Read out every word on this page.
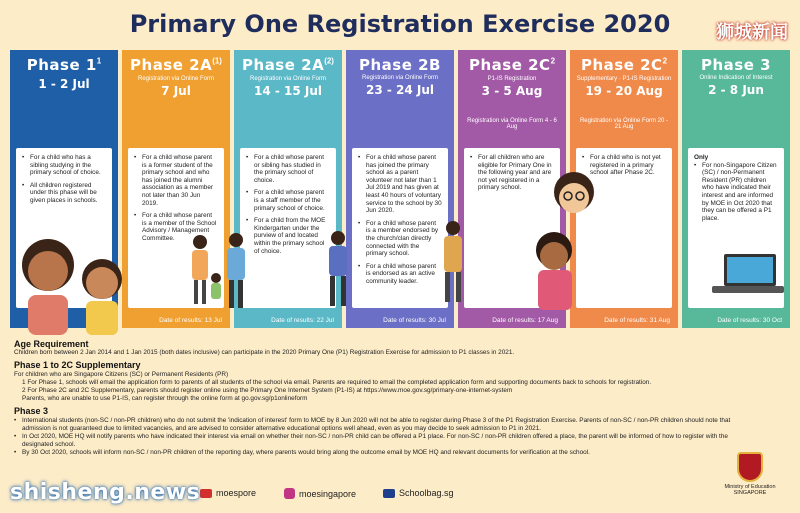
Primary One Registration Exercise 2020	狮城新闻
Phase $1^1$
1 - 2 Jul
• For a child who has a sibling studying in the primary school of choice.
• All children registered under this phase will be given places in schools.
Phase $2A^{(1)}$
Registration via Online Form
7 Jul
• For a child whose parent is a former student of the primary school and who has joined the alumni association as a member not later than 30 Jun 2019.
• For a child whose parent is a member of the School Advisory / Management Committee.
Date of results: 13 Jul
Phase $2A^{(2)}$
Registration via Online Form
14 - 15 Jul
• For a child whose parent or sibling has studied in the primary school of choice.
• For a child whose parent is a staff member of the primary school of choice.
• For a child from the MOE Kindergarten under the purview of and located within the primary school of choice.
Date of results: 22 Jul
Phase 2B
Registration via Online Form
23 - 24 Jul
• For a child whose parent has joined the primary school as a parent volunteer not later than 1 Jul 2019 and has given at least 40 hours of voluntary service to the school by 30 Jun 2020.
• For a child whose parent is a member endorsed by the church/clan directly connected with the primary school.
• For a child whose parent is endorsed as an active community leader.
Date of results: 30 Jul
Phase $2C^2$
P1-IS Registration
3 - 5 Aug
Registration via Online Form 4 - 6 Aug
• For all children who are eligible for Primary One in the following year and are not yet registered in a primary school.
Date of results: 17 Aug
Phase $2C^2$
Supplementary · P1-IS Registration
19 - 20 Aug
Registration via Online Form 20 - 21 Aug
• For a child who is not yet registered in a primary school after Phase 2C.
Date of results: 31 Aug
Phase 3
Online Indication of Interest
2 - 8 Jun
Only
• For non-Singapore Citizen (SC) / non-Permanent Resident (PR) children who have indicated their interest and are informed by MOE in Oct 2020 that they can be offered a P1 place.
Date of results: 30 Oct
Age Requirement
Children born between 2 Jan 2014 and 1 Jan 2015 (both dates inclusive) can participate in the 2020 Primary One (P1) Registration Exercise for admission to P1 classes in 2021.
Phase 1 to 2C Supplementary
For children who are Singapore Citizens (SC) or Permanent Residents (PR)
1 For Phase 1, schools will email the application form to parents of all students of the school via email. Parents are required to email the completed application form and supporting documents back to schools for registration.
2 For Phase 2C and 2C Supplementary, parents should register online using the Primary One Internet System (P1-IS) at https://www.moe.gov.sg/primary-one-internet-system
Parents, who are unable to use P1-IS, can register through the online form at go.gov.sg/p1onlineform
Phase 3
• International students (non-SC / non-PR children) who do not submit the 'indication of interest' form to MOE by 8 Jun 2020 will not be able to register during Phase 3 of the P1 Registration Exercise. Parents of non-SC / non-PR children should note that admission is not guaranteed due to limited vacancies, and are advised to consider alternative educational options well ahead, even as you may decide to seek admission to P1 in 2021.
• In Oct 2020, MOE HQ will notify parents who have indicated their interest via email on whether their non-SC / non-PR child can be offered a P1 place. For non-SC / non-PR children offered a place, the parent will be informed of how to register with the designated school.
• By 30 Oct 2020, schools will inform non-SC / non-PR children of the reporting day, where parents would bring along the outcome email by MOE HQ and relevant documents for verification at the school.
Ministry of Education
SINGAPORE
moespore	moesingapore	Schoolbag.sg
shisheng.news
